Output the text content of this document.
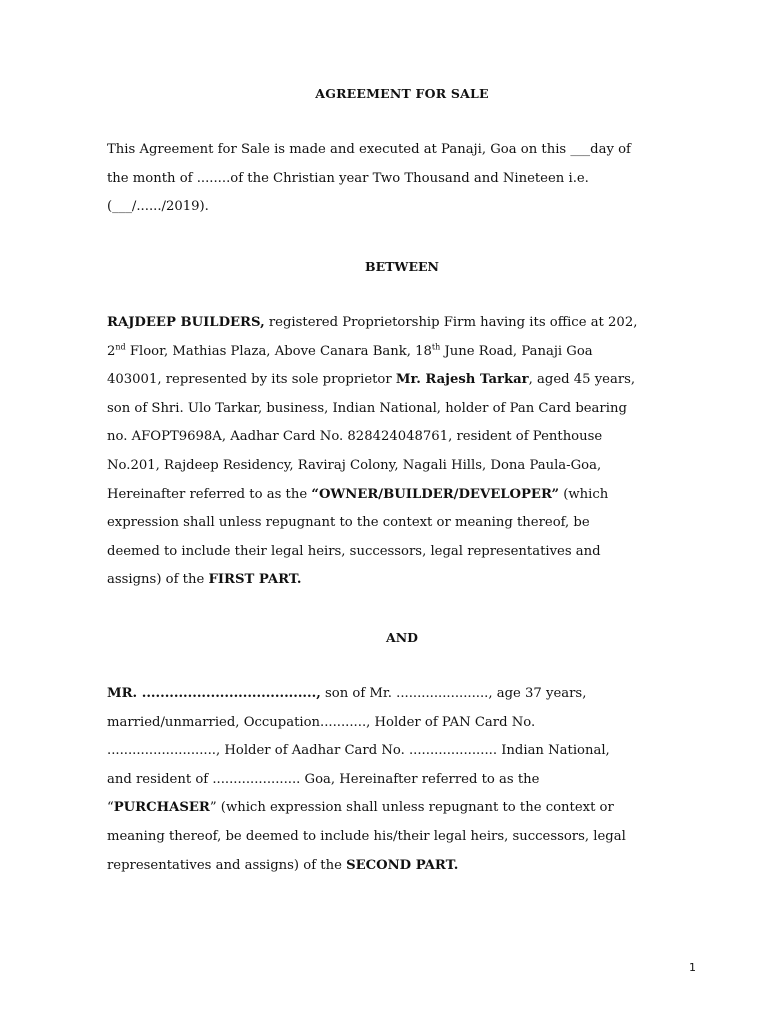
AGREEMENT FOR SALE
This Agreement for Sale is made and executed at Panaji, Goa on this ___day of
the month of ........of the Christian year Two Thousand and Nineteen i.e.
(___/....../2019).
BETWEEN
RAJDEEP BUILDERS, registered Proprietorship Firm having its office at 202,
2nd Floor, Mathias Plaza, Above Canara Bank, 18th June Road, Panaji Goa
403001, represented by its sole proprietor Mr. Rajesh Tarkar, aged 45 years,
son of Shri. Ulo Tarkar, business, Indian National, holder of Pan Card bearing
no. AFOPT9698A, Aadhar Card No. 828424048761, resident of Penthouse
No.201, Rajdeep Residency, Raviraj Colony, Nagali Hills, Dona Paula-Goa,
Hereinafter referred to as the “OWNER/BUILDER/DEVELOPER” (which
expression shall unless repugnant to the context or meaning thereof, be
deemed to include their legal heirs, successors, legal representatives and
assigns) of the FIRST PART.
AND
MR. ......................................, son of Mr. ......................, age 37 years,
married/unmarried, Occupation..........., Holder of PAN Card No.
.........................., Holder of Aadhar Card No. ..................... Indian National,
and resident of ..................... Goa, Hereinafter referred to as the
“PURCHASER” (which expression shall unless repugnant to the context or
meaning thereof, be deemed to include his/their legal heirs, successors, legal
representatives and assigns) of the SECOND PART.
1
